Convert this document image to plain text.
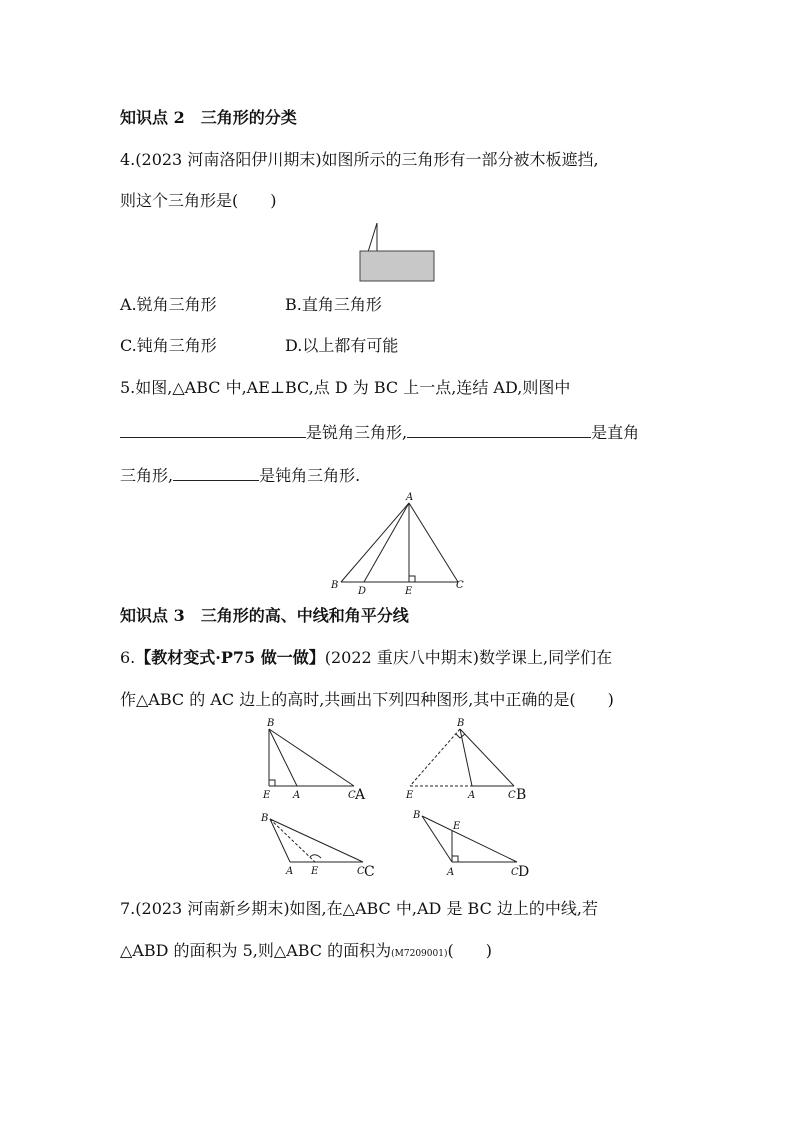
知识点 2　三角形的分类
4.(2023 河南洛阳伊川期末)如图所示的三角形有一部分被木板遮挡,
则这个三角形是(　　)
A.锐角三角形	B.直角三角形
C.钝角三角形	D.以上都有可能
5.如图,△ABC 中,AE⊥BC,点 D 为 BC 上一点,连结 AD,则图中
是锐角三角形,	是直角
三角形,	是钝角三角形.
A
B
D	E
C
知识点 3　三角形的高、中线和角平分线
6.【教材变式·P75 做一做】(2022 重庆八中期末)数学课上,同学们在
作△ABC 的 AC 边上的高时,共画出下列四种图形,其中正确的是(　　)
B
E A	C A
B
E	A	C B
B
A E	C C
B
E
A	C D
7.(2023 河南新乡期末)如图,在△ABC 中,AD 是 BC 边上的中线,若
△ABD 的面积为 5,则△ABC 的面积为(M7209001)(　　)
